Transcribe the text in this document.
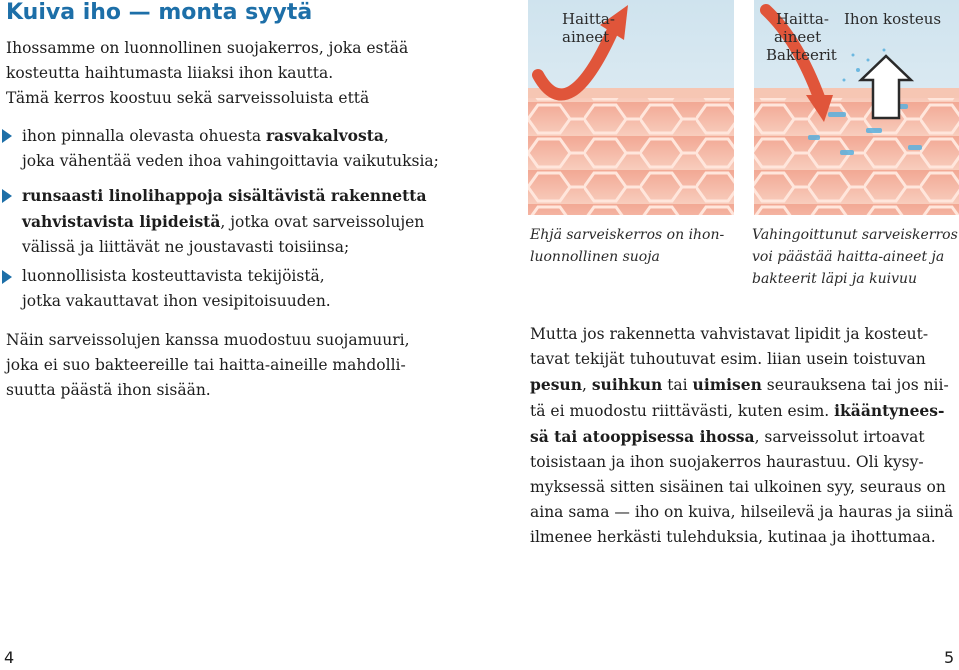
Kuiva iho — monta syytä
Ihossamme on luonnollinen suojakerros, joka estää
kosteutta haihtumasta liiaksi ihon kautta.
Tämä kerros koostuu sekä sarveissoluista että
ihon pinnalla olevasta ohuesta rasvakalvosta,
joka vähentää veden ihoa vahingoittavia vaikutuksia;
runsaasti linolihappoja sisältävistä rakennetta
vahvistavista lipideistä, jotka ovat sarveissolujen
välissä ja liittävät ne joustavasti toisiinsa;
luonnollisista kosteuttavista tekijöistä,
jotka vakauttavat ihon vesipitoisuuden.
Näin sarveissolujen kanssa muodostuu suojamuuri,
joka ei suo bakteereille tai haitta-aineille mahdolli-
suutta päästä ihon sisään.
Haitta-
aineet
Haitta-
aineet
Bakteerit
Ihon kosteus
Ehjä sarveiskerros on ihon-
luonnollinen suoja
Vahingoittunut sarveiskerros
voi päästää haitta-aineet ja
bakteerit läpi ja kuivuu
Mutta jos rakennetta vahvistavat lipidit ja kosteut-
tavat tekijät tuhoutuvat esim. liian usein toistuvan
pesun, suihkun tai uimisen seurauksena tai jos nii-
tä ei muodostu riittävästi, kuten esim. ikääntynees-
sä tai atooppisessa ihossa, sarveissolut irtoavat
toisistaan ja ihon suojakerros haurastuu. Oli kysy-
myksessä sitten sisäinen tai ulkoinen syy, seuraus on
aina sama — iho on kuiva, hilseilevä ja hauras ja siinä
ilmenee herkästi tulehduksia, kutinaa ja ihottumaa.
4	5
